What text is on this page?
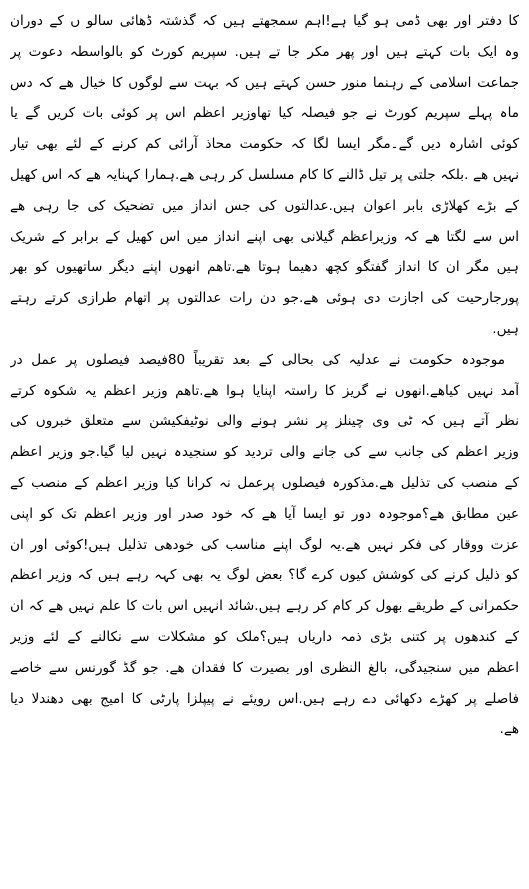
کا دفتر اور بھی ڈمی ہو گیا ہے!اہم سمجھتے ہیں کہ گذشتہ ڈھائی سالو ں کے دوران
وہ ایک بات کہتے ہیں اور پھر مکر جا تے ہیں. سپریم کورٹ کو بالواسطہ دعوت پر
جماعت اسلامی کے رہنما منور حسن کہتے ہیں کہ بہت سے لوگوں کا خیال ھے کہ دس
ماہ پہلے سپریم کورٹ نے جو فیصلہ کیا تھاوزیر اعظم اس پر کوئی بات کریں گے یا
کوئی اشارہ دیں گے۔مگر ایسا لگا کہ حکومت محاذ آرائی کم کرنے کے لئے بھی تیار
نہیں ھے .بلکہ جلتی پر تیل ڈالنے کا کام مسلسل کر رہی ھے.ہمارا کہنایہ ھے کہ اس کھیل
کے بڑے کھلاڑی بابر اعوان ہیں.عدالتوں کی جس انداز میں تضحیک کی جا رہی ھے
اس سے لگتا ھے کہ وزیراعظم گیلانی بھی اپنے انداز میں اس کھیل کے برابر کے شریک
ہیں مگر ان کا انداز گفتگو کچھ دھیما ہوتا ھے.تاھم انھوں اپنے دیگر ساتھیوں کو بھر
پورجارحیت کی اجازت دی ہوئی ھے.جو دن رات عدالتوں پر اتھام طرازی کرتے رہتے
ہیں.
موجودہ حکومت نے عدلیہ کی بحالی کے بعد تقریباً 80فیصد فیصلوں پر عمل در
آمد نہیں کیاھے.انھوں نے گریز کا راستہ اپنایا ہوا ھے.تاھم وزیر اعظم یہ شکوہ کرتے
نظر آتے ہیں کہ ٹی وی چینلز پر نشر ہونے والی نوٹیفکیشن سے متعلق خبروں کی
وزیر اعظم کی جانب سے کی جانے والی تردید کو سنجیدہ نہیں لیا گیا.جو وزیر اعظم
کے منصب کی تذلیل ھے.مذکورہ فیصلوں پرعمل نہ کرانا کیا وزیر اعظم کے منصب کے
عین مطابق ھے؟موجودہ دور تو ایسا آیا ھے کہ خود صدر اور وزیر اعظم تک کو اپنی
عزت ووقار کی فکر نہیں ھے.یہ لوگ اپنے مناسب کی خودھی تذلیل ہیں!کوئی اور ان
کو ذلیل کرنے کی کوشش کیوں کرے گا؟ بعض لوگ یہ بھی کہہ رہے ہیں کہ وزیر اعظم
حکمرانی کے طریقے بھول کر کام کر رہے ہیں.شائد انہیں اس بات کا علم نہیں ھے کہ ان
کے کندھوں پر کتنی بڑی ذمہ داریاں ہیں؟ملک کو مشکلات سے نکالنے کے لئے وزیر
اعظم میں سنجیدگی، بالغ النظری اور بصیرت کا فقدان ھے. جو گڈ گورنس سے خاصے
فاصلے پر کھڑے دکھائی دے رہے ہیں.اس رویئے نے پیپلزا پارٹی کا امیج بھی دھندلا دیا
ھے.
